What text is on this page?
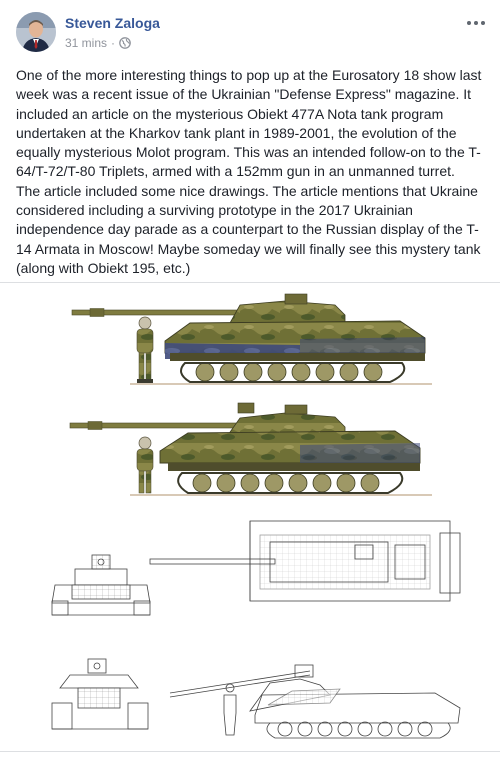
Steven Zaloga
31 mins ·
One of the more interesting things to pop up at the Eurosatory 18 show last week was a recent issue of the Ukrainian "Defense Express" magazine. It included an article on the mysterious Obiekt 477A Nota tank program undertaken at the Kharkov tank plant in 1989-2001, the evolution of the equally mysterious Molot program. This was an intended follow-on to the T-64/T-72/T-80 Triplets, armed with a 152mm gun in an unmanned turret. The article included some nice drawings. The article mentions that Ukraine considered including a surviving prototype in the 2017 Ukrainian independence day parade as a counterpart to the Russian display of the T-14 Armata in Moscow! Maybe someday we will finally see this mystery tank (along with Obiekt 195, etc.)
